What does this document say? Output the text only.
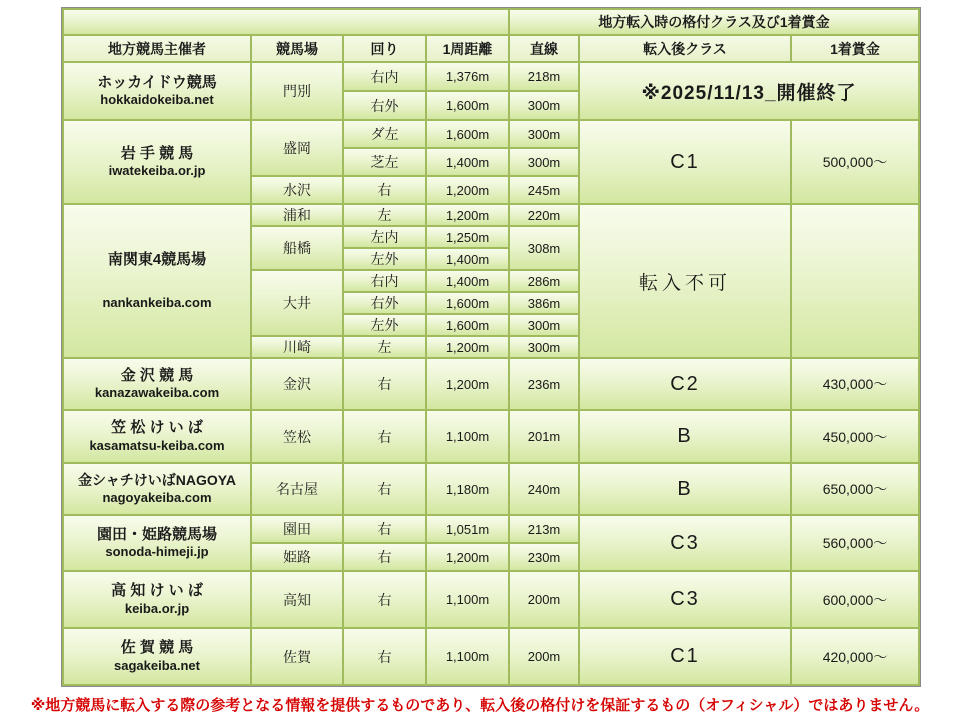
				地方転入時の格付クラス及び1着賞金		
地方競馬主催者	競馬場	回り	1周距離	直線	転入後クラス	1着賞金

ホッカイドウ競馬
hokkaidokeiba.net	門別	右内	1,376m	218m	※2025/11/13_開催終了	
		右外	1,600m	300m		

岩 手 競 馬
iwatekeiba.or.jp	盛岡	ダ左	1,600m	300m	C1	500,000～
		芝左	1,400m	300m		
	水沢	右	1,200m	245m		

南関東4競馬場
nankankeiba.com	浦和	左	1,200m	220m	転入不可	
	船橋	左内	1,250m	308m		
		左外	1,400m			
	大井	右内	1,400m	286m		
		右外	1,600m	386m		
		左外	1,600m	300m		
	川崎	左	1,200m	300m		

金 沢 競 馬
kanazawakeiba.com	金沢	右	1,200m	236m	C2	430,000～

笠 松 け い ば
kasamatsu-keiba.com	笠松	右	1,100m	201m	B	450,000～

金シャチけいばNAGOYA
nagoyakeiba.com	名古屋	右	1,180m	240m	B	650,000～

園田・姫路競馬場
sonoda-himeji.jp	園田	右	1,051m	213m	C3	560,000～
	姫路	右	1,200m	230m		

高 知 け い ば
keiba.or.jp	高知	右	1,100m	200m	C3	600,000～

佐 賀 競 馬
sagakeiba.net	佐賀	右	1,100m	200m	C1	420,000～
※地方競馬に転入する際の参考となる情報を提供するものであり、転入後の格付けを保証するもの（オフィシャル）ではありません。
